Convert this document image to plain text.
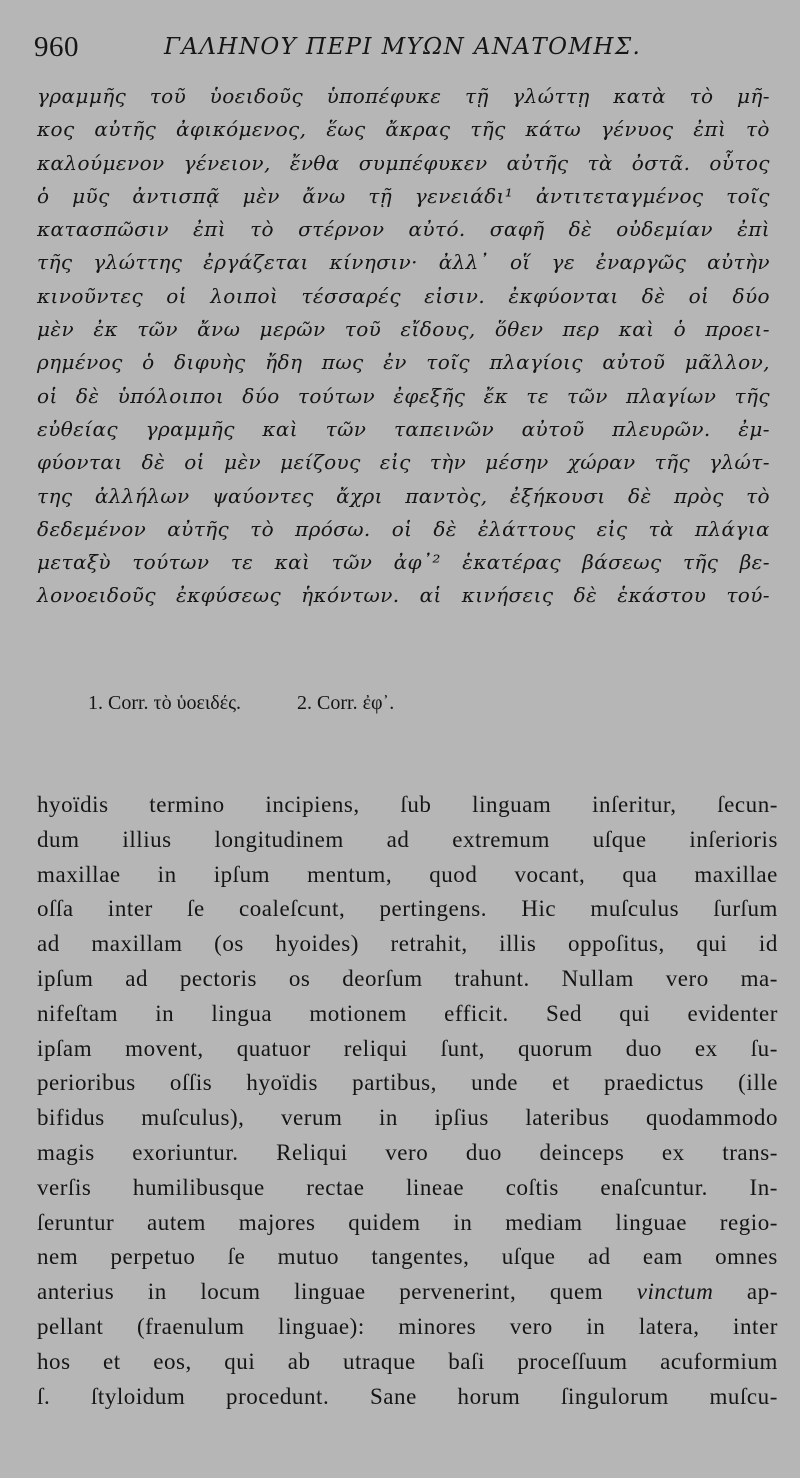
960	ΓΑΛΗΝΟΥ ΠΕΡΙ ΜΥΩΝ ΑΝΑΤΟΜΗΣ.
γραμμῆς τοῦ ὑοειδοῦς ὑποπέφυκε τῇ γλώττῃ κατὰ τὸ μῆ-
κος αὐτῆς ἀφικόμενος, ἕως ἄκρας τῆς κάτω γένυος ἐπὶ τὸ
καλούμενον γένειον, ἔνθα συμπέφυκεν αὐτῆς τὰ ὀστᾶ. οὗτος
ὁ μῦς ἀντισπᾷ μὲν ἄνω τῇ γενειάδι¹ ἀντιτεταγμένος τοῖς
κατασπῶσιν ἐπὶ τὸ στέρνον αὐτό. σαφῆ δὲ οὐδεμίαν ἐπὶ
τῆς γλώττης ἐργάζεται κίνησιν· ἀλλ᾽ οἵ γε ἐναργῶς αὐτὴν
κινοῦντες οἱ λοιποὶ τέσσαρές εἰσιν. ἐκφύονται δὲ οἱ δύο
μὲν ἐκ τῶν ἄνω μερῶν τοῦ εἴδους, ὅθεν περ καὶ ὁ προει-
ρημένος ὁ διφυὴς ἤδη πως ἐν τοῖς πλαγίοις αὐτοῦ μᾶλλον,
οἱ δὲ ὑπόλοιποι δύο τούτων ἐφεξῆς ἔκ τε τῶν πλαγίων τῆς
εὐθείας γραμμῆς καὶ τῶν ταπεινῶν αὐτοῦ πλευρῶν. ἐμ-
φύονται δὲ οἱ μὲν μείζους εἰς τὴν μέσην χώραν τῆς γλώτ-
της ἀλλήλων ψαύοντες ἄχρι παντὸς, ἐξήκουσι δὲ πρὸς τὸ
δεδεμένον αὐτῆς τὸ πρόσω. οἱ δὲ ἐλάττους εἰς τὰ πλάγια
μεταξὺ τούτων τε καὶ τῶν ἀφ᾽² ἑκατέρας βάσεως τῆς βε-
λονοειδοῦς ἐκφύσεως ἡκόντων. αἱ κινήσεις δὲ ἑκάστου τού-
1. Corr. τὸ ὑοειδές.	2. Corr. ἐφ᾽.
hyoïdis termino incipiens, ſub linguam inſeritur, ſecun-
dum illius longitudinem ad extremum uſque inſerioris
maxillae in ipſum mentum, quod vocant, qua maxillae
oſſa inter ſe coaleſcunt, pertingens. Hic muſculus ſurſum
ad maxillam (os hyoides) retrahit, illis oppoſitus, qui id
ipſum ad pectoris os deorſum trahunt. Nullam vero ma-
nifeſtam in lingua motionem efficit. Sed qui evidenter
ipſam movent, quatuor reliqui ſunt, quorum duo ex ſu-
perioribus oſſis hyoïdis partibus, unde et praedictus (ille
bifidus muſculus), verum in ipſius lateribus quodammodo
magis exoriuntur. Reliqui vero duo deinceps ex trans-
verſis humilibusque rectae lineae coſtis enaſcuntur. In-
ſeruntur autem majores quidem in mediam linguae regio-
nem perpetuo ſe mutuo tangentes, uſque ad eam omnes
anterius in locum linguae pervenerint, quem vinctum ap-
pellant (fraenulum linguae): minores vero in latera, inter
hos et eos, qui ab utraque baſi proceſſuum acuformium
ſ. ſtyloidum procedunt. Sane horum ſingulorum muſcu-
